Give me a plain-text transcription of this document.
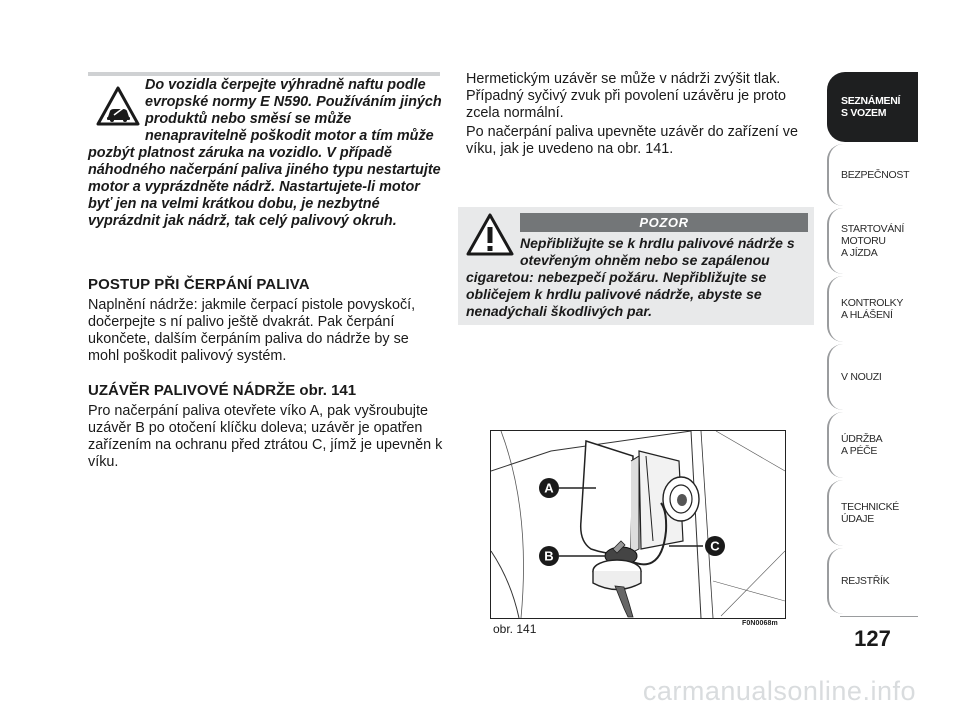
Do vozidla čerpejte výhradně naftu podle evropské normy E N590. Používáním jiných produktů nebo směsí se může nenapravitelně poškodit motor a tím může pozbýt platnost záruka na vozidlo. V případě náhodného načerpání paliva jiného typu nestartujte motor a vyprázdněte nádrž. Nastartujete-li motor byť jen na velmi krátkou dobu, je nezbytné vyprázdnit jak nádrž, tak celý palivový okruh.

POSTUP PŘI ČERPÁNÍ PALIVA

Naplnění nádrže: jakmile čerpací pistole povyskočí, dočerpejte s ní palivo ještě dvakrát. Pak čerpání ukončete, dalším čerpáním paliva do nádrže by se mohl poškodit palivový systém.

UZÁVĚR PALIVOVÉ NÁDRŽE obr. 141

Pro načerpání paliva otevřete víko A, pak vyšroubujte uzávěr B po otočení klíčku doleva; uzávěr je opatřen zařízením na ochranu před ztrátou C, jímž je upevněn k víku.

Hermetickým uzávěr se může v nádrži zvýšit tlak. Případný syčivý zvuk při povolení uzávěru je proto zcela normální.

Po načerpání paliva upevněte uzávěr do zařízení ve víku, jak je uvedeno na obr. 141.

POZOR

Nepřibližujte se k hrdlu palivové nádrže s otevřeným ohněm nebo se zapálenou cigaretou: nebezpečí požáru. Nepřibližujte se obličejem k hrdlu palivové nádrže, abyste se nenadýchali škodlivých par.

A
B
C
obr. 141	F0N0068m
SEZNÁMENÍ
S VOZEM
BEZPEČNOST
STARTOVÁNÍ
MOTORU
A JÍZDA
KONTROLKY
A HLÁŠENÍ
V NOUZI
ÚDRŽBA
A PÉČE
TECHNICKÉ
ÚDAJE
REJSTŘÍK
127
carmanualsonline.info
